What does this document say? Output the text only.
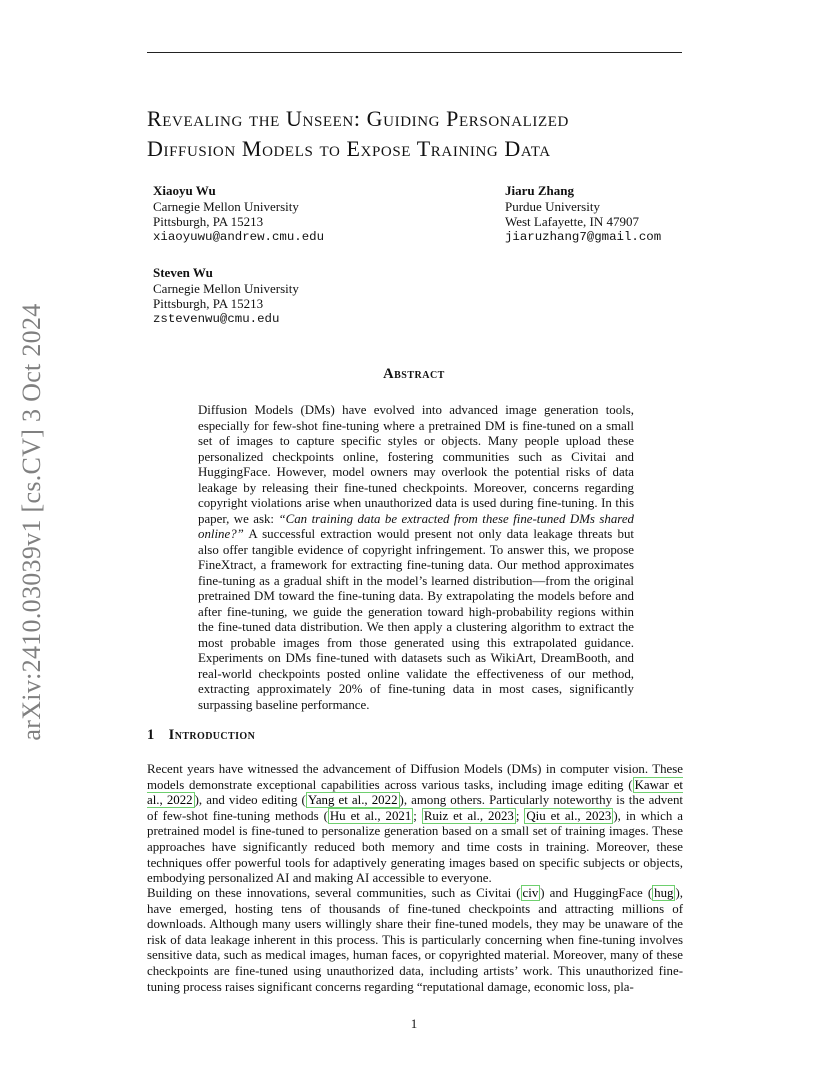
arXiv:2410.03039v1 [cs.CV] 3 Oct 2024
Revealing the Unseen: Guiding Personalized
Diffusion Models to Expose Training Data
Xiaoyu Wu
Carnegie Mellon University
Pittsburgh, PA 15213
xiaoyuwu@andrew.cmu.edu
Jiaru Zhang
Purdue University
West Lafayette, IN 47907
jiaruzhang7@gmail.com
Steven Wu
Carnegie Mellon University
Pittsburgh, PA 15213
zstevenwu@cmu.edu
Abstract

Diffusion Models (DMs) have evolved into advanced image generation tools, especially for few-shot fine-tuning where a pretrained DM is fine-tuned on a small set of images to capture specific styles or objects. Many people upload these personalized checkpoints online, fostering communities such as Civitai and HuggingFace. However, model owners may overlook the potential risks of data leakage by releasing their fine-tuned checkpoints. Moreover, concerns regarding copyright violations arise when unauthorized data is used during fine-tuning. In this paper, we ask: “Can training data be extracted from these fine-tuned DMs shared online?” A successful extraction would present not only data leakage threats but also offer tangible evidence of copyright infringement. To answer this, we propose FineXtract, a framework for extracting fine-tuning data. Our method approximates fine-tuning as a gradual shift in the model’s learned distribution—from the original pretrained DM toward the fine-tuning data. By extrapolating the models before and after fine-tuning, we guide the generation toward high-probability regions within the fine-tuned data distribution. We then apply a clustering algorithm to extract the most probable images from those generated using this extrapolated guidance. Experiments on DMs fine-tuned with datasets such as WikiArt, DreamBooth, and real-world checkpoints posted online validate the effectiveness of our method, extracting approximately 20% of fine-tuning data in most cases, significantly surpassing baseline performance.

1 Introduction

Recent years have witnessed the advancement of Diffusion Models (DMs) in computer vision. These models demonstrate exceptional capabilities across various tasks, including image editing ( Kawar et al., 2022 ), and video editing ( Yang et al., 2022 ), among others. Particularly noteworthy is the advent of few-shot fine-tuning methods ( Hu et al., 2021 ; Ruiz et al., 2023 ; Qiu et al., 2023 ), in which a pretrained model is fine-tuned to personalize generation based on a small set of training images. These approaches have significantly reduced both memory and time costs in training. Moreover, these techniques offer powerful tools for adaptively generating images based on specific subjects or objects, embodying personalized AI and making AI accessible to everyone.

Building on these innovations, several communities, such as Civitai ( civ ) and HuggingFace ( hug ), have emerged, hosting tens of thousands of fine-tuned checkpoints and attracting millions of downloads. Although many users willingly share their fine-tuned models, they may be unaware of the risk of data leakage inherent in this process. This is particularly concerning when fine-tuning involves sensitive data, such as medical images, human faces, or copyrighted material. Moreover, many of these checkpoints are fine-tuned using unauthorized data, including artists’ work. This unauthorized fine-tuning process raises significant concerns regarding “reputational damage, economic loss, pla-

1
